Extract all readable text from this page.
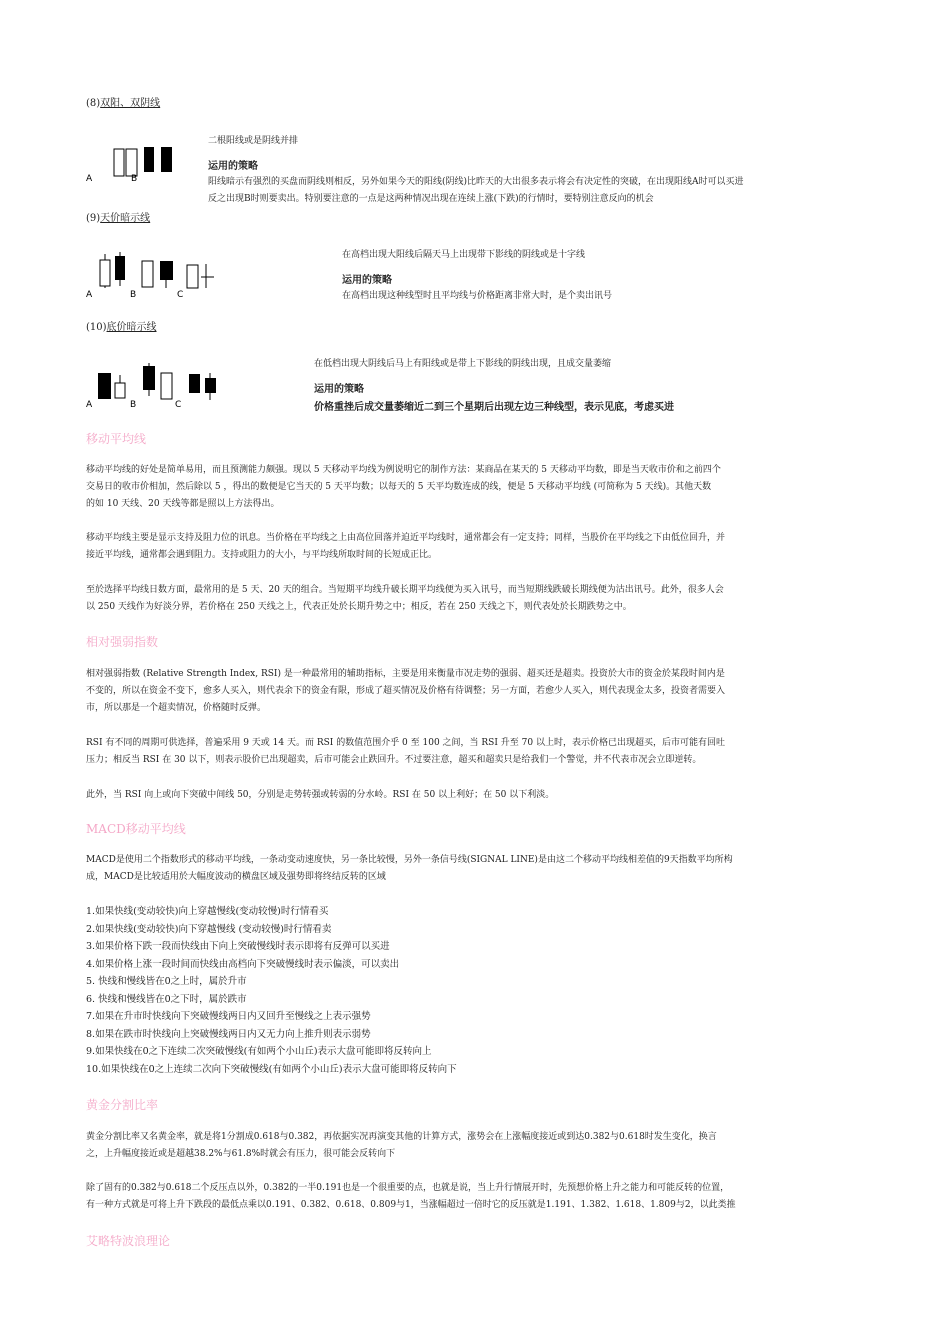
(8)双阳、双阴线
A	B
二根阳线或是阴线并排
运用的策略
阳线暗示有强烈的买盘而阴线则相反，另外如果今天的阳线(阴线)比昨天的大出很多表示将会有决定性的突破，在出现阳线A时可以买进
反之出现B时则要卖出。特别要注意的一点是这两种情况出现在连续上涨(下跌)的行情时，要特别注意反向的机会
(9)天价暗示线
A	B	C
在高档出现大阳线后隔天马上出现带下影线的阴线或是十字线
运用的策略
在高档出现这种线型时且平均线与价格距离非常大时，是个卖出讯号
(10)底价暗示线
A	B	C
在低档出现大阴线后马上有阳线或是带上下影线的阴线出现，且成交量萎缩
运用的策略
价格重挫后成交量萎缩近二到三个星期后出现左边三种线型，表示见底，考虑买进
移动平均线
移动平均线的好处是简单易用，而且预测能力颇强。现以 5 天移动平均线为例说明它的制作方法：某商品在某天的 5 天移动平均数，即是当天收市价和之前四个
交易日的收市价相加，然后除以 5 ，得出的数便是它当天的 5 天平均数；以每天的 5 天平均数连成的线，便是 5 天移动平均线 (可简称为 5 天线)。其他天数
的如 10 天线、20 天线等都是照以上方法得出。
移动平均线主要是显示支持及阻力位的讯息。当价格在平均线之上由高位回落并迫近平均线时，通常都会有一定支持；同样，当股价在平均线之下由低位回升，并
接近平均线，通常都会遇到阻力。支持或阻力的大小，与平均线所取时间的长短成正比。
至於选择平均线日数方面，最常用的是 5 天、20 天的组合。当短期平均线升破长期平均线便为买入讯号，而当短期线跌破长期线便为沽出讯号。此外，很多人会
以 250 天线作为好淡分界，若价格在 250 天线之上，代表正处於长期升势之中；相反，若在 250 天线之下，则代表处於长期跌势之中。
相对强弱指数
相对强弱指数 (Relative Strength Index, RSI) 是一种最常用的辅助指标，主要是用来衡量市况走势的强弱、超买还是超卖。投资於大市的资金於某段时间内是
不变的，所以在资金不变下，愈多人买入，则代表余下的资金有限，形成了超买情况及价格有待调整；另一方面，若愈少人买入，则代表现金太多，投资者需要入
市，所以那是一个超卖情况，价格随时反弹。
RSI 有不同的周期可供选择，普遍采用 9 天或 14 天。而 RSI 的数值范围介乎 0 至 100 之间，当 RSI 升至 70 以上时，表示价格已出现超买，后市可能有回吐
压力；相反当 RSI 在 30 以下，则表示股价已出现超卖，后市可能会止跌回升。不过要注意，超买和超卖只是给我们一个警觉，并不代表市况会立即逆转。
此外，当 RSI 向上或向下突破中间线 50，分别是走势转强或转弱的分水岭。RSI 在 50 以上利好；在 50 以下利淡。
MACD移动平均线
MACD是使用二个指数形式的移动平均线，一条动变动速度快，另一条比较慢，另外一条信号线(SIGNAL LINE)是由这二个移动平均线相差值的9天指数平均所构
成，MACD是比较适用於大幅度波动的横盘区域及强势即将终结反转的区域
1.如果快线(变动较快)向上穿越慢线(变动较慢)时行情看买
2.如果快线(变动较快)向下穿越慢线 (变动较慢)时行情看卖
3.如果价格下跌一段而快线由下向上突破慢线时表示即将有反弹可以买进
4.如果价格上涨一段时间而快线由高档向下突破慢线时表示偏淡，可以卖出
5. 快线和慢线皆在0之上时，属於升市
6. 快线和慢线皆在0之下时，属於跌市
7.如果在升市时快线向下突破慢线两日内又回升至慢线之上表示强势
8.如果在跌市时快线向上突破慢线两日内又无力向上推升则表示弱势
9.如果快线在0之下连续二次突破慢线(有如两个小山丘)表示大盘可能即将反转向上
10.如果快线在0之上连续二次向下突破慢线(有如两个小山丘)表示大盘可能即将反转向下
黄金分割比率
黄金分割比率又名黄金率，就是将1分割成0.618与0.382，再依据实况再演变其他的计算方式，涨势会在上涨幅度接近或到达0.382与0.618时发生变化，换言
之，上升幅度接近或是超越38.2%与61.8%时就会有压力，很可能会反转向下
除了固有的0.382与0.618二个反压点以外，0.382的一半0.191也是一个很重要的点，也就是说，当上升行情展开时，先预想价格上升之能力和可能反转的位置，
有一种方式就是可将上升下跌段的最低点乘以0.191、0.382、0.618、0.809与1，当涨幅超过一倍时它的反压就是1.191、1.382、1.618、1.809与2，以此类推
艾略特波浪理论
